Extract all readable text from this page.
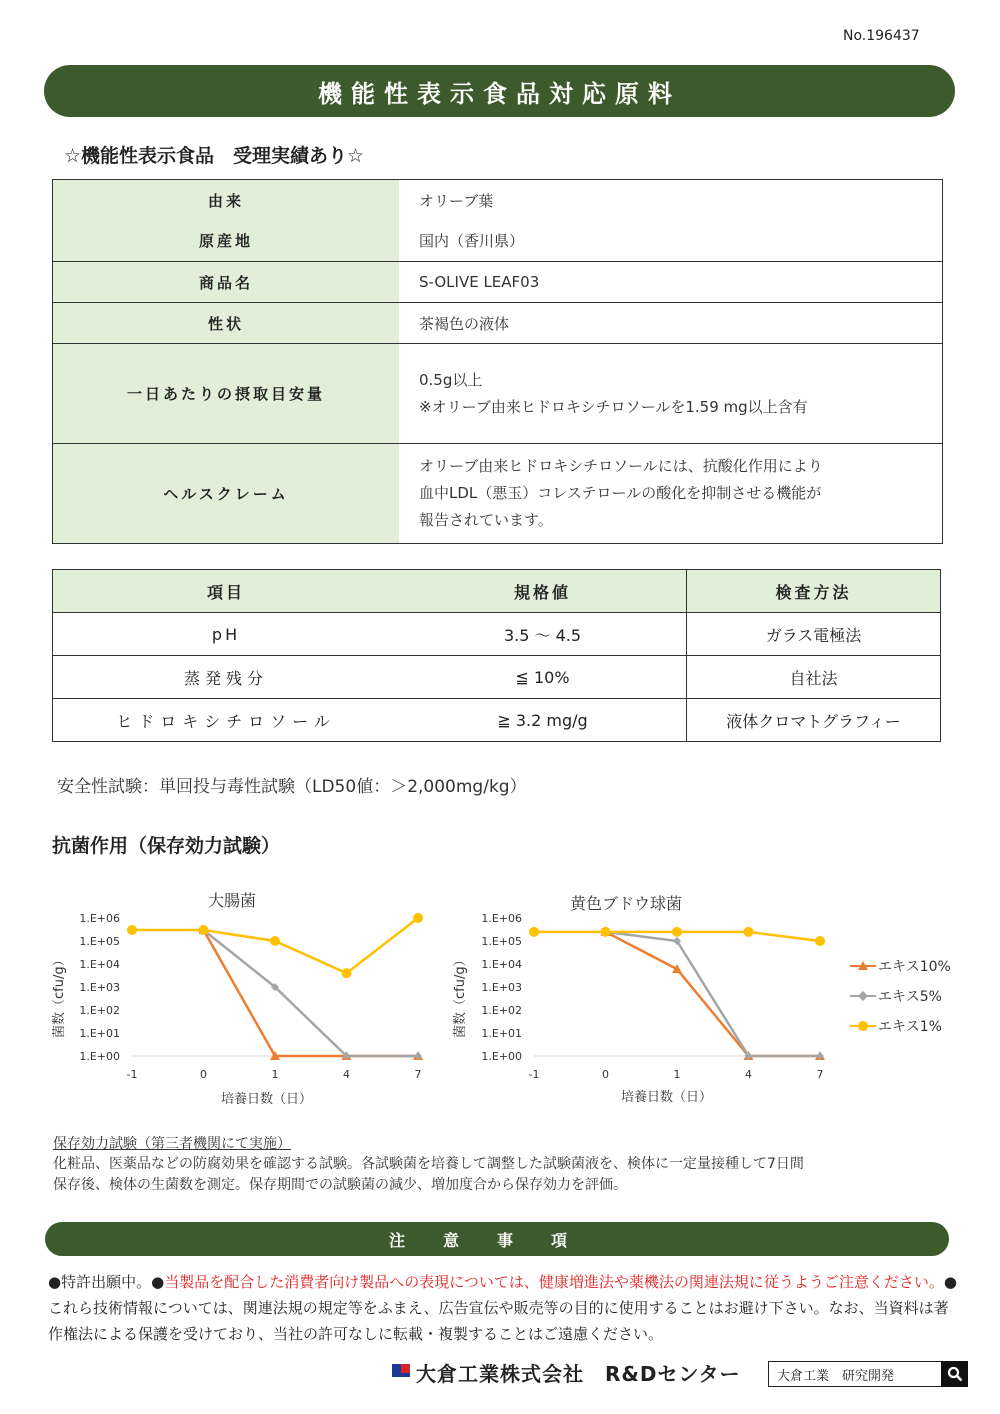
No.196437
機能性表示食品対応原料
☆機能性表示食品　受理実績あり☆
由来	オリーブ葉
原産地	国内（香川県）
商品名	S-OLIVE LEAF03
性状	茶褐色の液体
一日あたりの摂取目安量	0.5g以上
※オリーブ由来ヒドロキシチロソールを1.59 mg以上含有

ヘルスクレーム	オリーブ由来ヒドロキシチロソールには、抗酸化作用により
血中LDL（悪玉）コレステロールの酸化を抑制させる機能が
報告されています。
項目	規格値	検査方法
pH	3.5 ～ 4.5	ガラス電極法
蒸発残分	≦ 10%	自社法
ヒドロキシチロソール	≧ 3.2 mg/g	液体クロマトグラフィー
安全性試験：単回投与毒性試験（LD50値：＞2,000mg/kg）
抗菌作用（保存効力試験）
大腸菌
菌数（cfu/g）
1.E+00
1.E+01
1.E+02
1.E+03
1.E+04
1.E+05
1.E+06
-1	0	1	4	7
培養日数（日）
黄色ブドウ球菌
菌数（cfu/g）
1.E+00
1.E+01
1.E+02
1.E+03
1.E+04
1.E+05
1.E+06
-1	0	1	4	7
培養日数（日）
エキス10%
エキス5%
エキス1%
保存効力試験（第三者機関にて実施）
化粧品、医薬品などの防腐効果を確認する試験。各試験菌を培養して調整した試験菌液を、検体に一定量接種して7日間
保存後、検体の生菌数を測定。保存期間での試験菌の減少、増加度合から保存効力を評価。
注意事項
●特許出願中。●当製品を配合した消費者向け製品への表現については、健康増進法や薬機法の関連法規に従うようご注意ください。●これら技術情報については、関連法規の規定等をふまえ、広告宣伝や販売等の目的に使用することはお避け下さい。なお、当資料は著作権法による保護を受けており、当社の許可なしに転載・複製することはご遠慮ください。
大倉工業株式会社　R&Dセンター	大倉工業　研究開発
